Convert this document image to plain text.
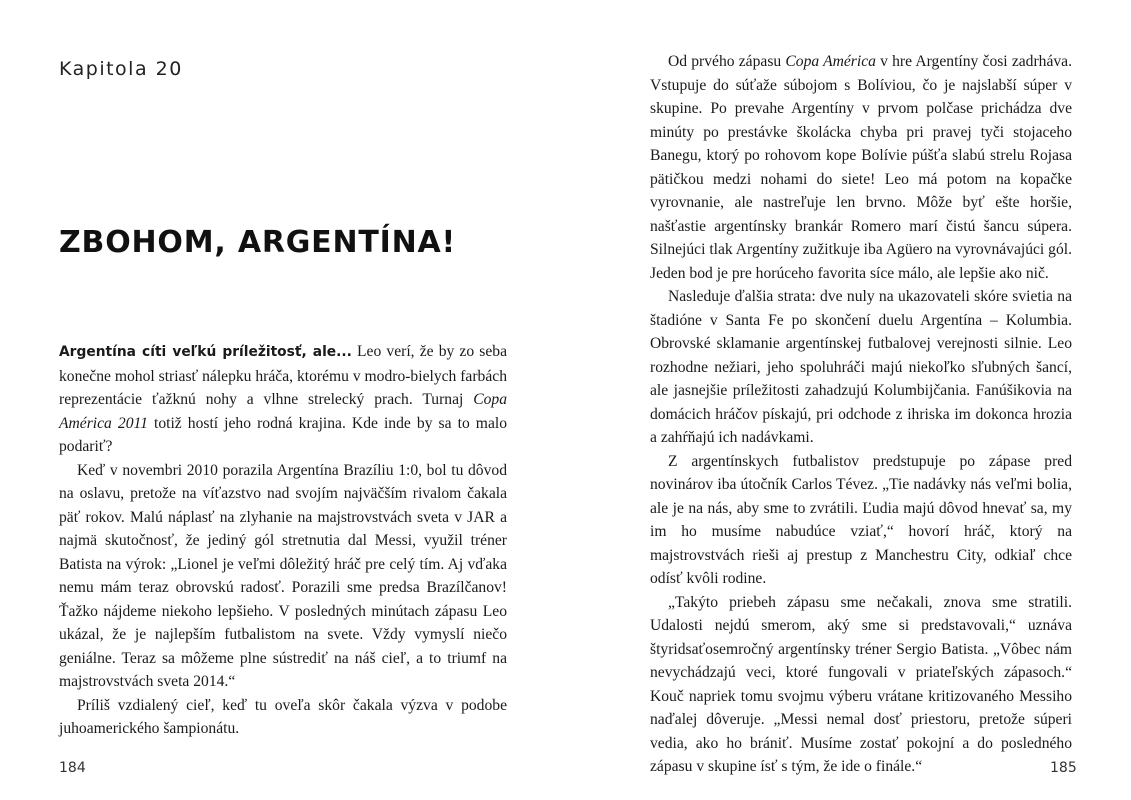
Kapitola 20
ZBOHOM, ARGENTÍNA!

Argentína cíti veľkú príležitosť, ale... Leo verí, že by zo seba konečne mohol striasť nálepku hráča, ktorému v modro-bielych farbách reprezentácie ťažknú nohy a vlhne strelecký prach. Turnaj Copa América 2011 totiž hostí jeho rodná krajina. Kde inde by sa to malo podariť?

Keď v novembri 2010 porazila Argentína Brazíliu 1:0, bol tu dôvod na oslavu, pretože na víťazstvo nad svojím najväčším rivalom čakala päť rokov. Malú náplasť na zlyhanie na majstrovstvách sveta v JAR a najmä skutočnosť, že jediný gól stretnutia dal Messi, využil tréner Batista na výrok: „Lionel je veľmi dôležitý hráč pre celý tím. Aj vďaka nemu mám teraz obrovskú radosť. Porazili sme predsa Brazílčanov! Ťažko nájdeme niekoho lepšieho. V posledných minútach zápasu Leo ukázal, že je najlepším futbalistom na svete. Vždy vymyslí niečo geniálne. Teraz sa môžeme plne sústrediť na náš cieľ, a to triumf na majstrovstvách sveta 2014.“

Príliš vzdialený cieľ, keď tu oveľa skôr čakala výzva v podobe juhoamerického šampionátu.

184

Od prvého zápasu Copa América v hre Argentíny čosi zadrháva. Vstupuje do súťaže súbojom s Bolíviou, čo je najslabší súper v skupine. Po prevahe Argentíny v prvom polčase prichádza dve minúty po prestávke školácka chyba pri pravej tyči stojaceho Banegu, ktorý po rohovom kope Bolívie púšťa slabú strelu Rojasa pätičkou medzi nohami do siete! Leo má potom na kopačke vyrovnanie, ale nastreľuje len brvno. Môže byť ešte horšie, našťastie argentínsky brankár Romero marí čistú šancu súpera. Silnejúci tlak Argentíny zužitkuje iba Agüero na vyrovnávajúci gól. Jeden bod je pre horúceho favorita síce málo, ale lepšie ako nič.

Nasleduje ďalšia strata: dve nuly na ukazovateli skóre svietia na štadióne v Santa Fe po skončení duelu Argentína – Kolumbia. Obrovské sklamanie argentínskej futbalovej verejnosti silnie. Leo rozhodne nežiari, jeho spoluhráči majú niekoľko sľubných šancí, ale jasnejšie príležitosti zahadzujú Kolumbijčania. Fanúšikovia na domácich hráčov pískajú, pri odchode z ihriska im dokonca hrozia a zahŕňajú ich nadávkami.

Z argentínskych futbalistov predstupuje po zápase pred novinárov iba útočník Carlos Tévez. „Tie nadávky nás veľmi bolia, ale je na nás, aby sme to zvrátili. Ľudia majú dôvod hnevať sa, my im ho musíme nabudúce vziať,“ hovorí hráč, ktorý na majstrovstvách rieši aj prestup z Manchestru City, odkiaľ chce odísť kvôli rodine.

„Takýto priebeh zápasu sme nečakali, znova sme stratili. Udalosti nejdú smerom, aký sme si predstavovali,“ uznáva štyridsaťosemročný argentínsky tréner Sergio Batista. „Vôbec nám nevychádzajú veci, ktoré fungovali v priateľských zápasoch.“ Kouč napriek tomu svojmu výberu vrátane kritizovaného Messiho naďalej dôveruje. „Messi nemal dosť priestoru, pretože súperi vedia, ako ho brániť. Musíme zostať pokojní a do posledného zápasu v skupine ísť s tým, že ide o finále.“	185
